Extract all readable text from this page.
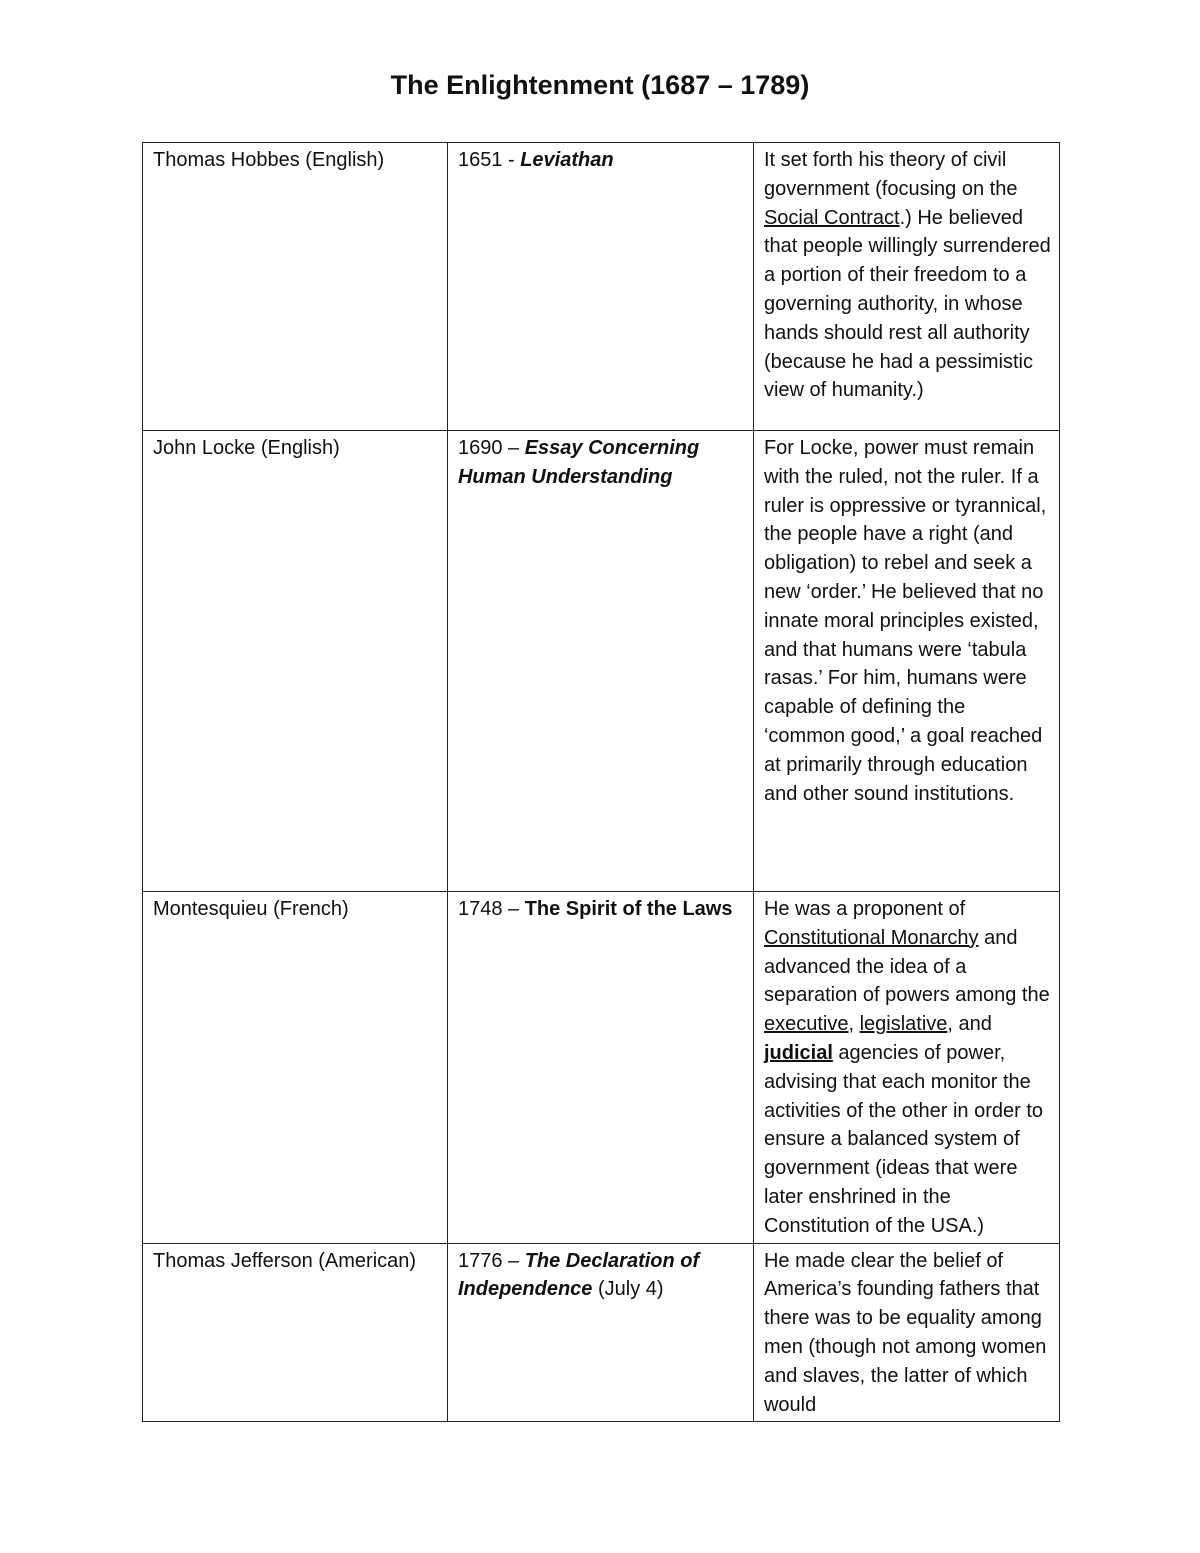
The Enlightenment (1687 – 1789)
Thomas Hobbes (English)	1651 - Leviathan	It set forth his theory of civil government (focusing on the Social Contract.) He believed that people willingly surrendered a portion of their freedom to a governing authority, in whose hands should rest all authority (because he had a pessimistic view of humanity.)
John Locke (English)	1690 – Essay Concerning Human Understanding	For Locke, power must remain with the ruled, not the ruler. If a ruler is oppressive or tyrannical, the people have a right (and obligation) to rebel and seek a new ‘order.’ He believed that no innate moral principles existed, and that humans were ‘tabula rasas.’ For him, humans were capable of defining the ‘common good,’ a goal reached at primarily through education and other sound institutions.
Montesquieu (French)	1748 – The Spirit of the Laws	He was a proponent of Constitutional Monarchy and advanced the idea of a separation of powers among the executive, legislative, and judicial agencies of power, advising that each monitor the activities of the other in order to ensure a balanced system of government (ideas that were later enshrined in the Constitution of the USA.)
Thomas Jefferson (American)	1776 – The Declaration of Independence (July 4)	He made clear the belief of America’s founding fathers that there was to be equality among men (though not among women and slaves, the latter of which would
